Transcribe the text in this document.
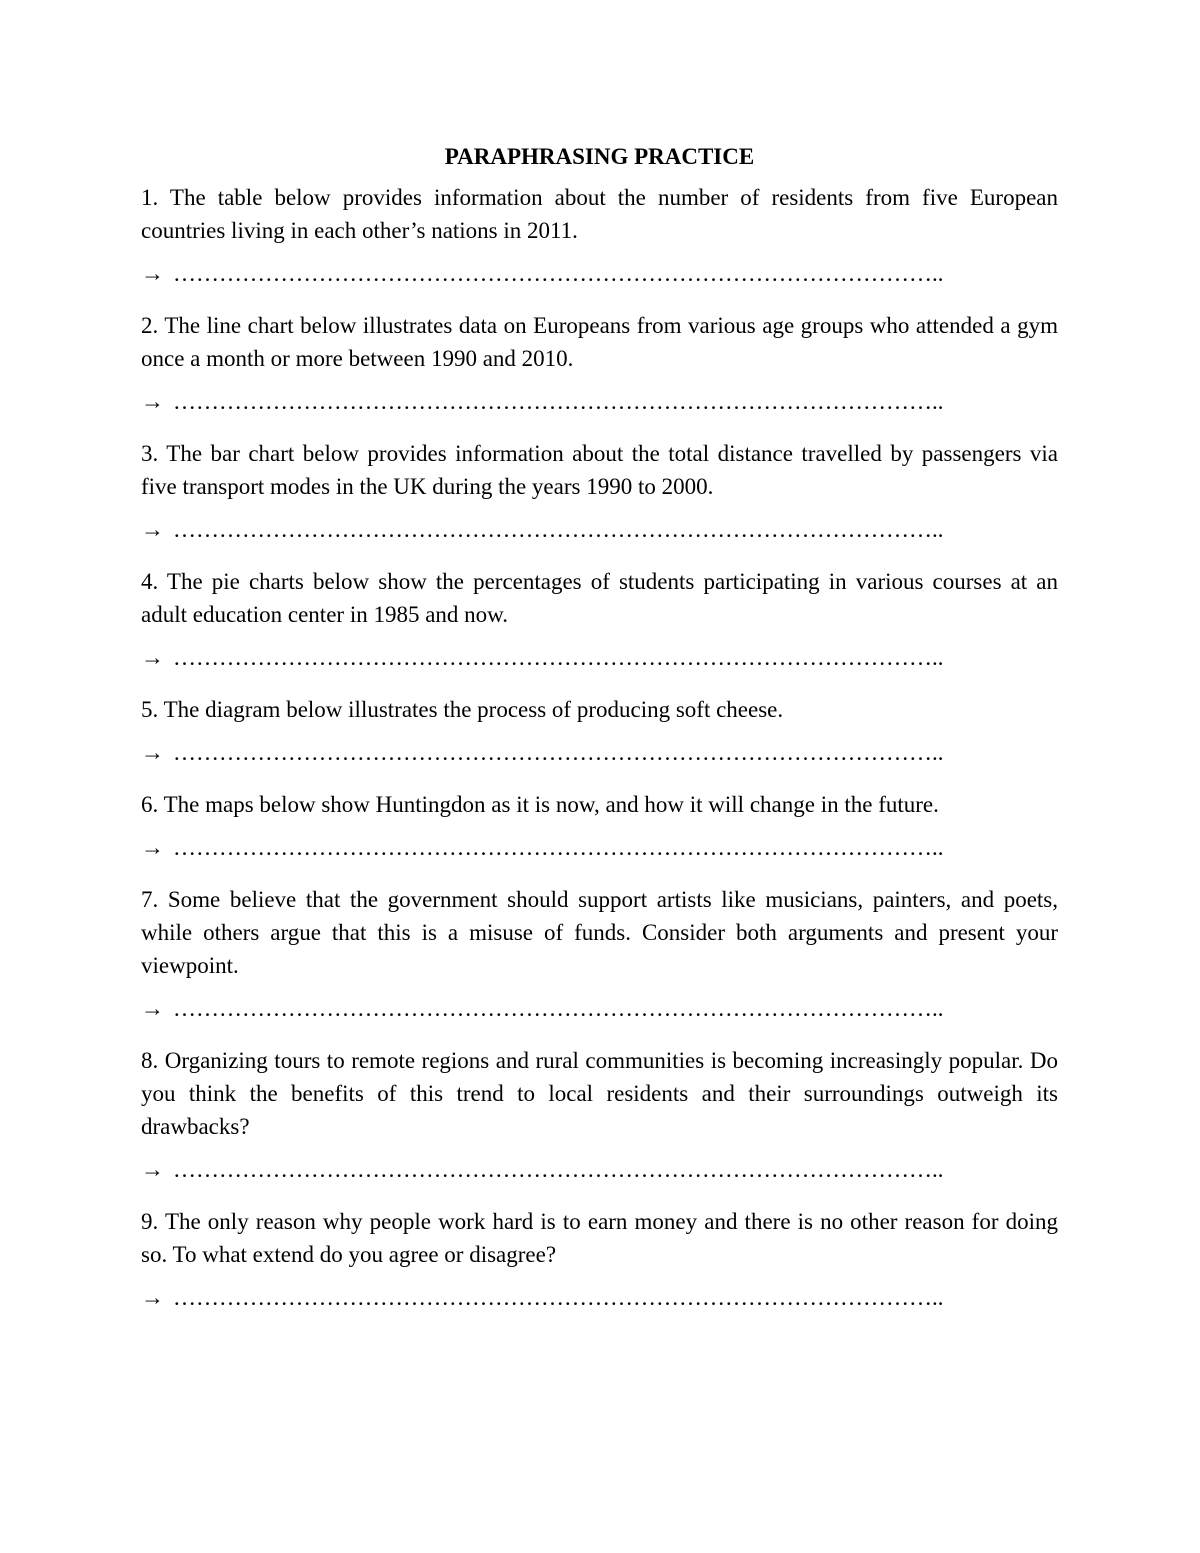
PARAPHRASING PRACTICE

1. The table below provides information about the number of residents from five European countries living in each other’s nations in 2011.

→ ………………………………………………………………………………………..

2. The line chart below illustrates data on Europeans from various age groups who attended a gym once a month or more between 1990 and 2010.

→ ………………………………………………………………………………………..

3. The bar chart below provides information about the total distance travelled by passengers via five transport modes in the UK during the years 1990 to 2000.

→ ………………………………………………………………………………………..

4. The pie charts below show the percentages of students participating in various courses at an adult education center in 1985 and now.

→ ………………………………………………………………………………………..

5. The diagram below illustrates the process of producing soft cheese.

→ ………………………………………………………………………………………..

6. The maps below show Huntingdon as it is now, and how it will change in the future.

→ ………………………………………………………………………………………..

7. Some believe that the government should support artists like musicians, painters, and poets, while others argue that this is a misuse of funds. Consider both arguments and present your viewpoint.

→ ………………………………………………………………………………………..

8. Organizing tours to remote regions and rural communities is becoming increasingly popular. Do you think the benefits of this trend to local residents and their surroundings outweigh its drawbacks?

→ ………………………………………………………………………………………..

9. The only reason why people work hard is to earn money and there is no other reason for doing so. To what extend do you agree or disagree?

→ ………………………………………………………………………………………..
